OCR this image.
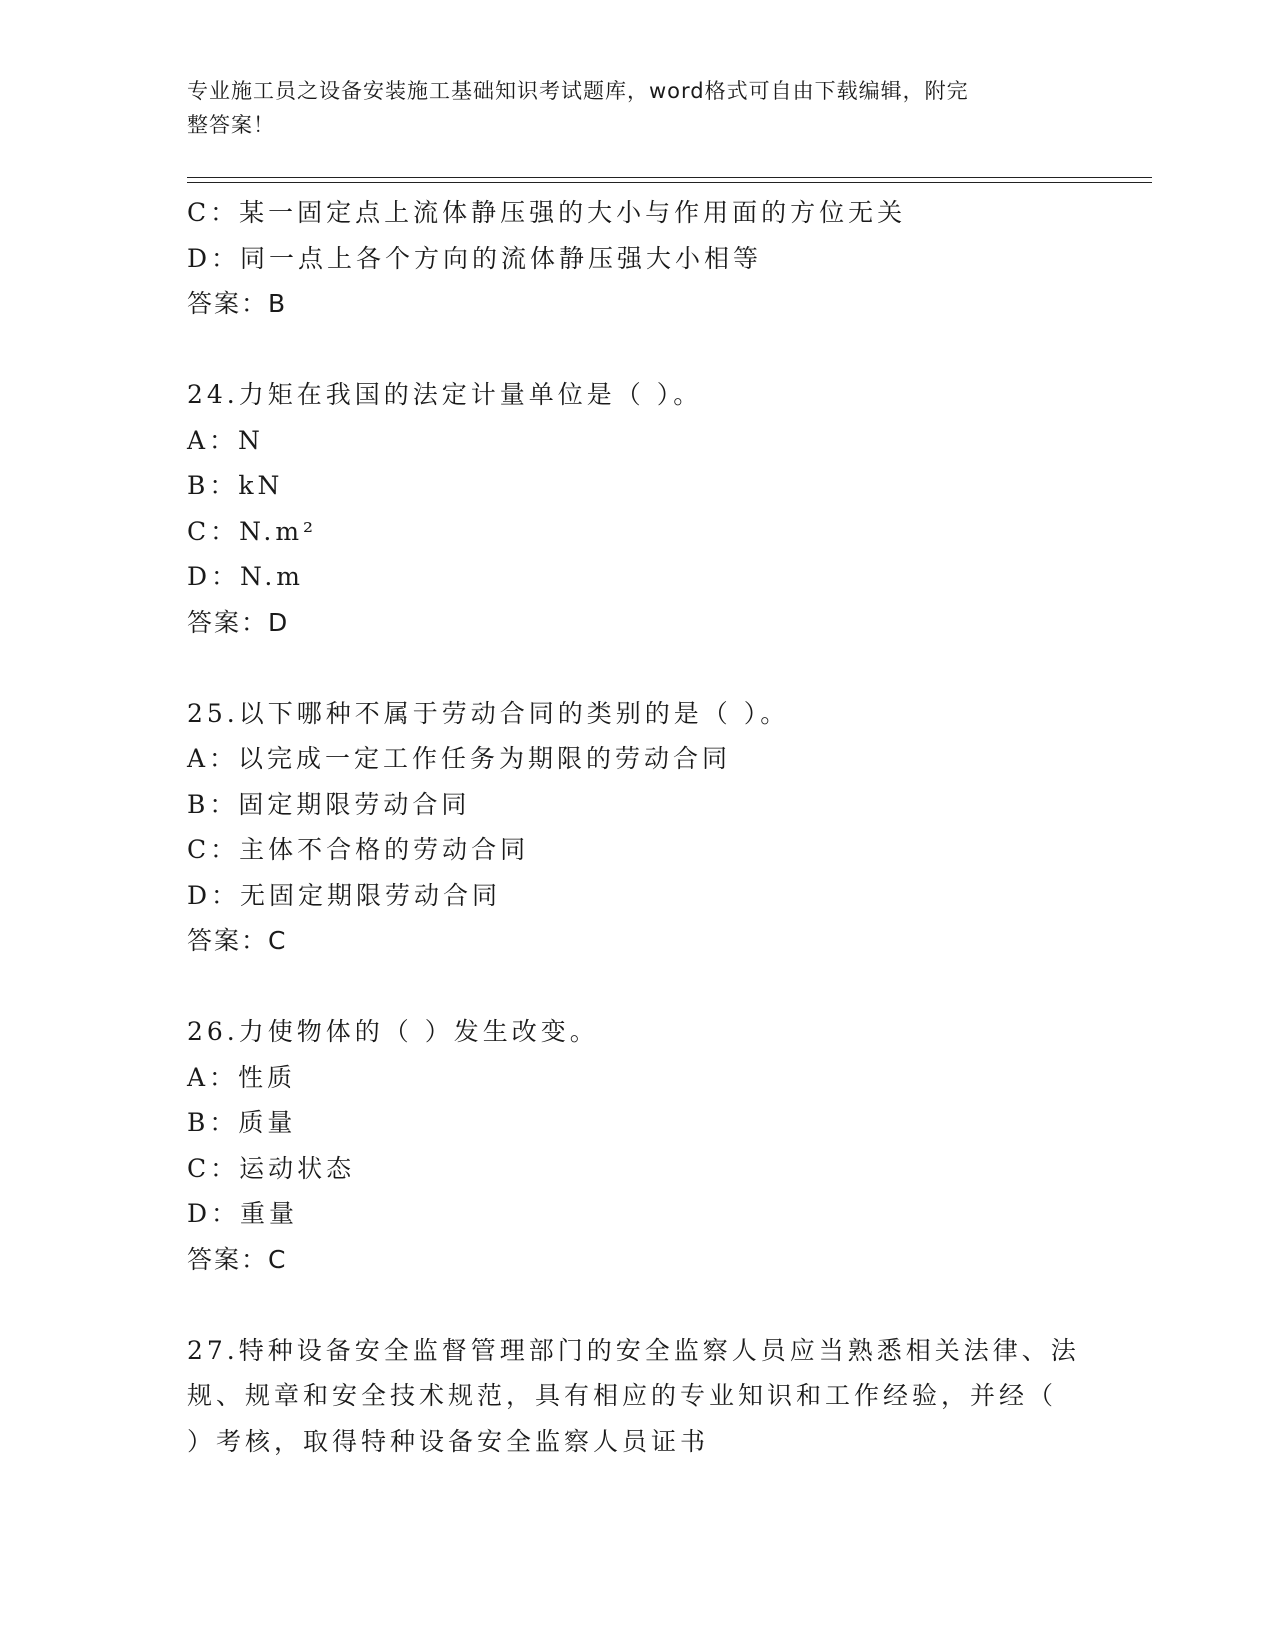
专业施工员之设备安装施工基础知识考试题库，word格式可自由下载编辑，附完
整答案！
C：某一固定点上流体静压强的大小与作用面的方位无关
D：同一点上各个方向的流体静压强大小相等
答案：B
24.力矩在我国的法定计量单位是（ ）。
A：N
B：kN
C：N.m²
D：N.m
答案：D
25.以下哪种不属于劳动合同的类别的是（ ）。
A：以完成一定工作任务为期限的劳动合同
B：固定期限劳动合同
C：主体不合格的劳动合同
D：无固定期限劳动合同
答案：C
26.力使物体的（ ）发生改变。
A：性质
B：质量
C：运动状态
D：重量
答案：C
27.特种设备安全监督管理部门的安全监察人员应当熟悉相关法律、法
规、规章和安全技术规范，具有相应的专业知识和工作经验，并经（
）考核，取得特种设备安全监察人员证书
